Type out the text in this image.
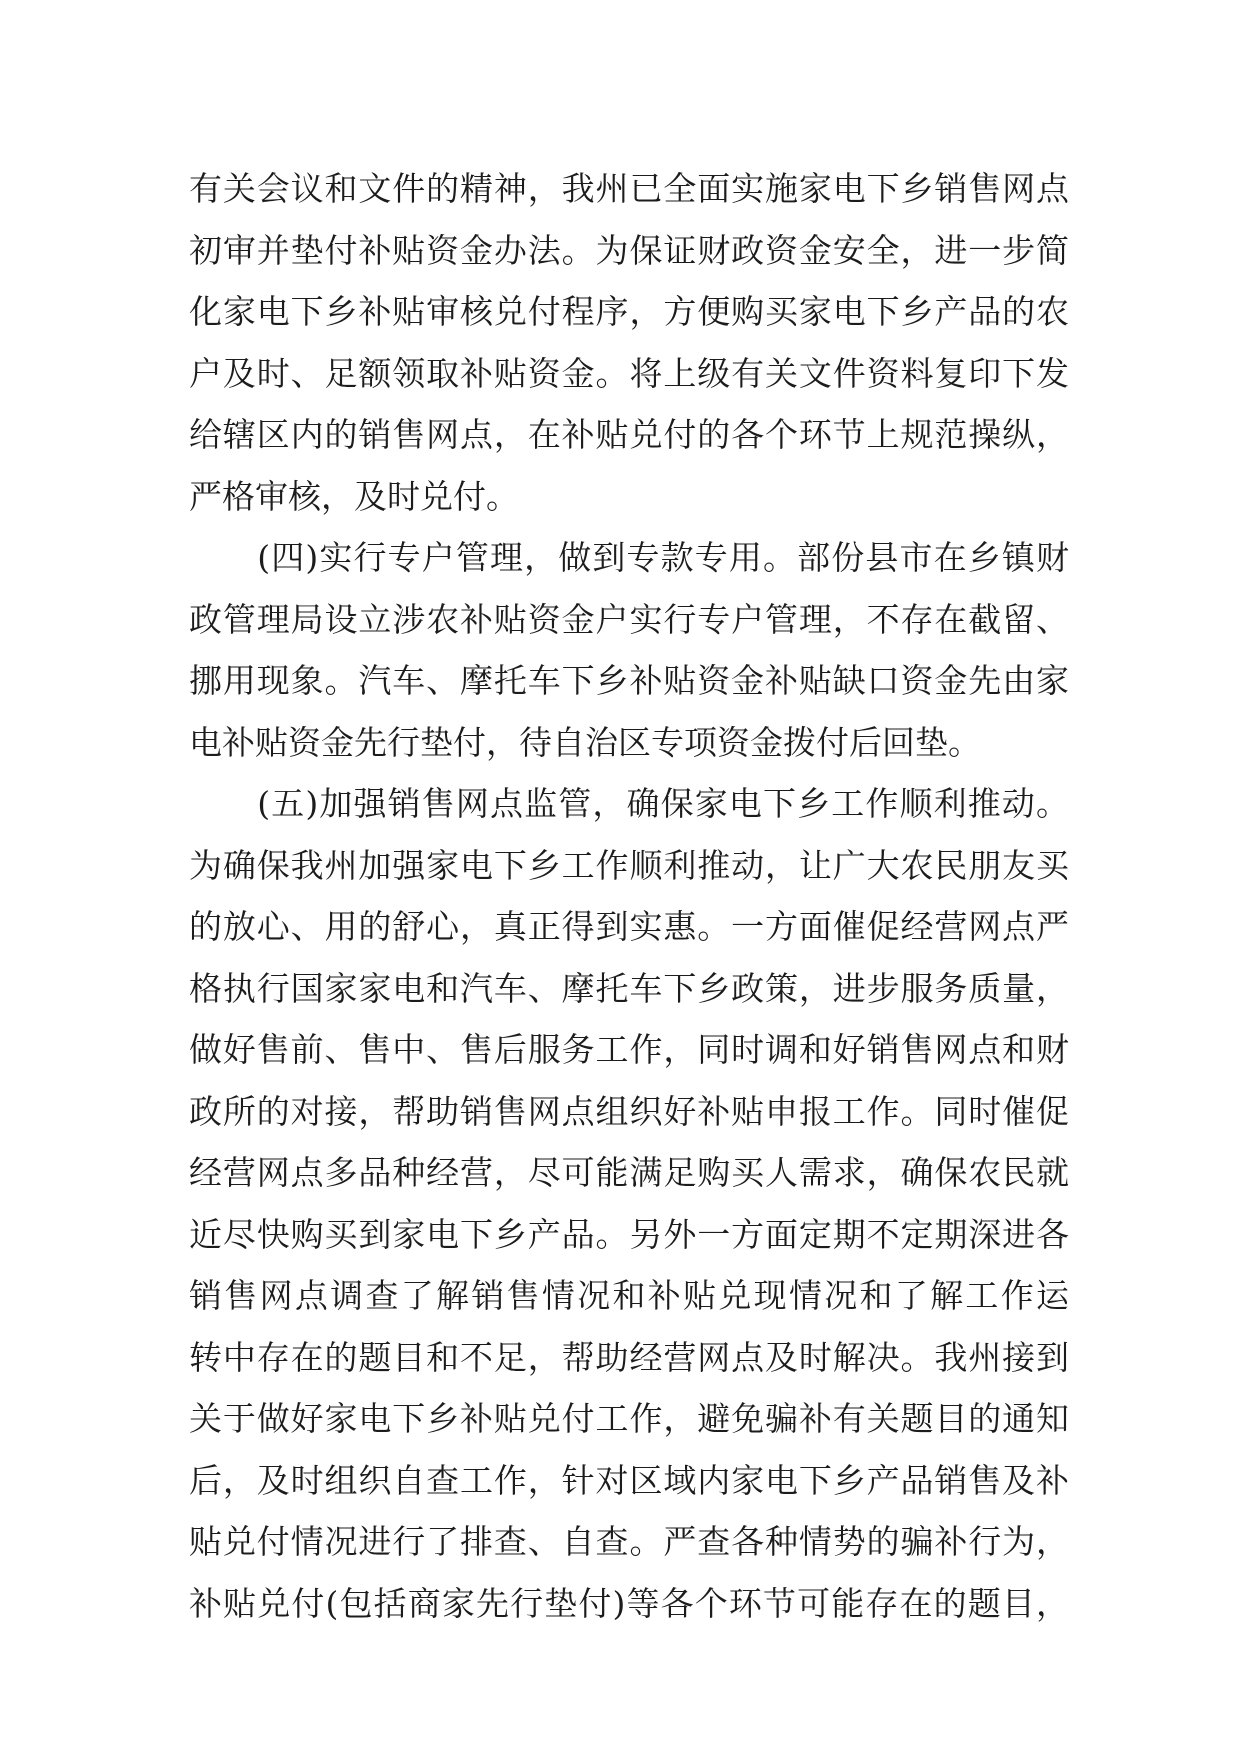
有关会议和文件的精神，我州已全面实施家电下乡销售网点
初审并垫付补贴资金办法。为保证财政资金安全，进一步简
化家电下乡补贴审核兑付程序，方便购买家电下乡产品的农
户及时、足额领取补贴资金。将上级有关文件资料复印下发
给辖区内的销售网点，在补贴兑付的各个环节上规范操纵，
严格审核，及时兑付。
　　(四)实行专户管理，做到专款专用。部份县市在乡镇财
政管理局设立涉农补贴资金户实行专户管理，不存在截留、
挪用现象。汽车、摩托车下乡补贴资金补贴缺口资金先由家
电补贴资金先行垫付，待自治区专项资金拨付后回垫。
　　(五)加强销售网点监管，确保家电下乡工作顺利推动。
为确保我州加强家电下乡工作顺利推动，让广大农民朋友买
的放心、用的舒心，真正得到实惠。一方面催促经营网点严
格执行国家家电和汽车、摩托车下乡政策，进步服务质量，
做好售前、售中、售后服务工作，同时调和好销售网点和财
政所的对接，帮助销售网点组织好补贴申报工作。同时催促
经营网点多品种经营，尽可能满足购买人需求，确保农民就
近尽快购买到家电下乡产品。另外一方面定期不定期深进各
销售网点调查了解销售情况和补贴兑现情况和了解工作运
转中存在的题目和不足，帮助经营网点及时解决。我州接到
关于做好家电下乡补贴兑付工作，避免骗补有关题目的通知
后，及时组织自查工作，针对区域内家电下乡产品销售及补
贴兑付情况进行了排查、自查。严查各种情势的骗补行为，
补贴兑付(包括商家先行垫付)等各个环节可能存在的题目，
